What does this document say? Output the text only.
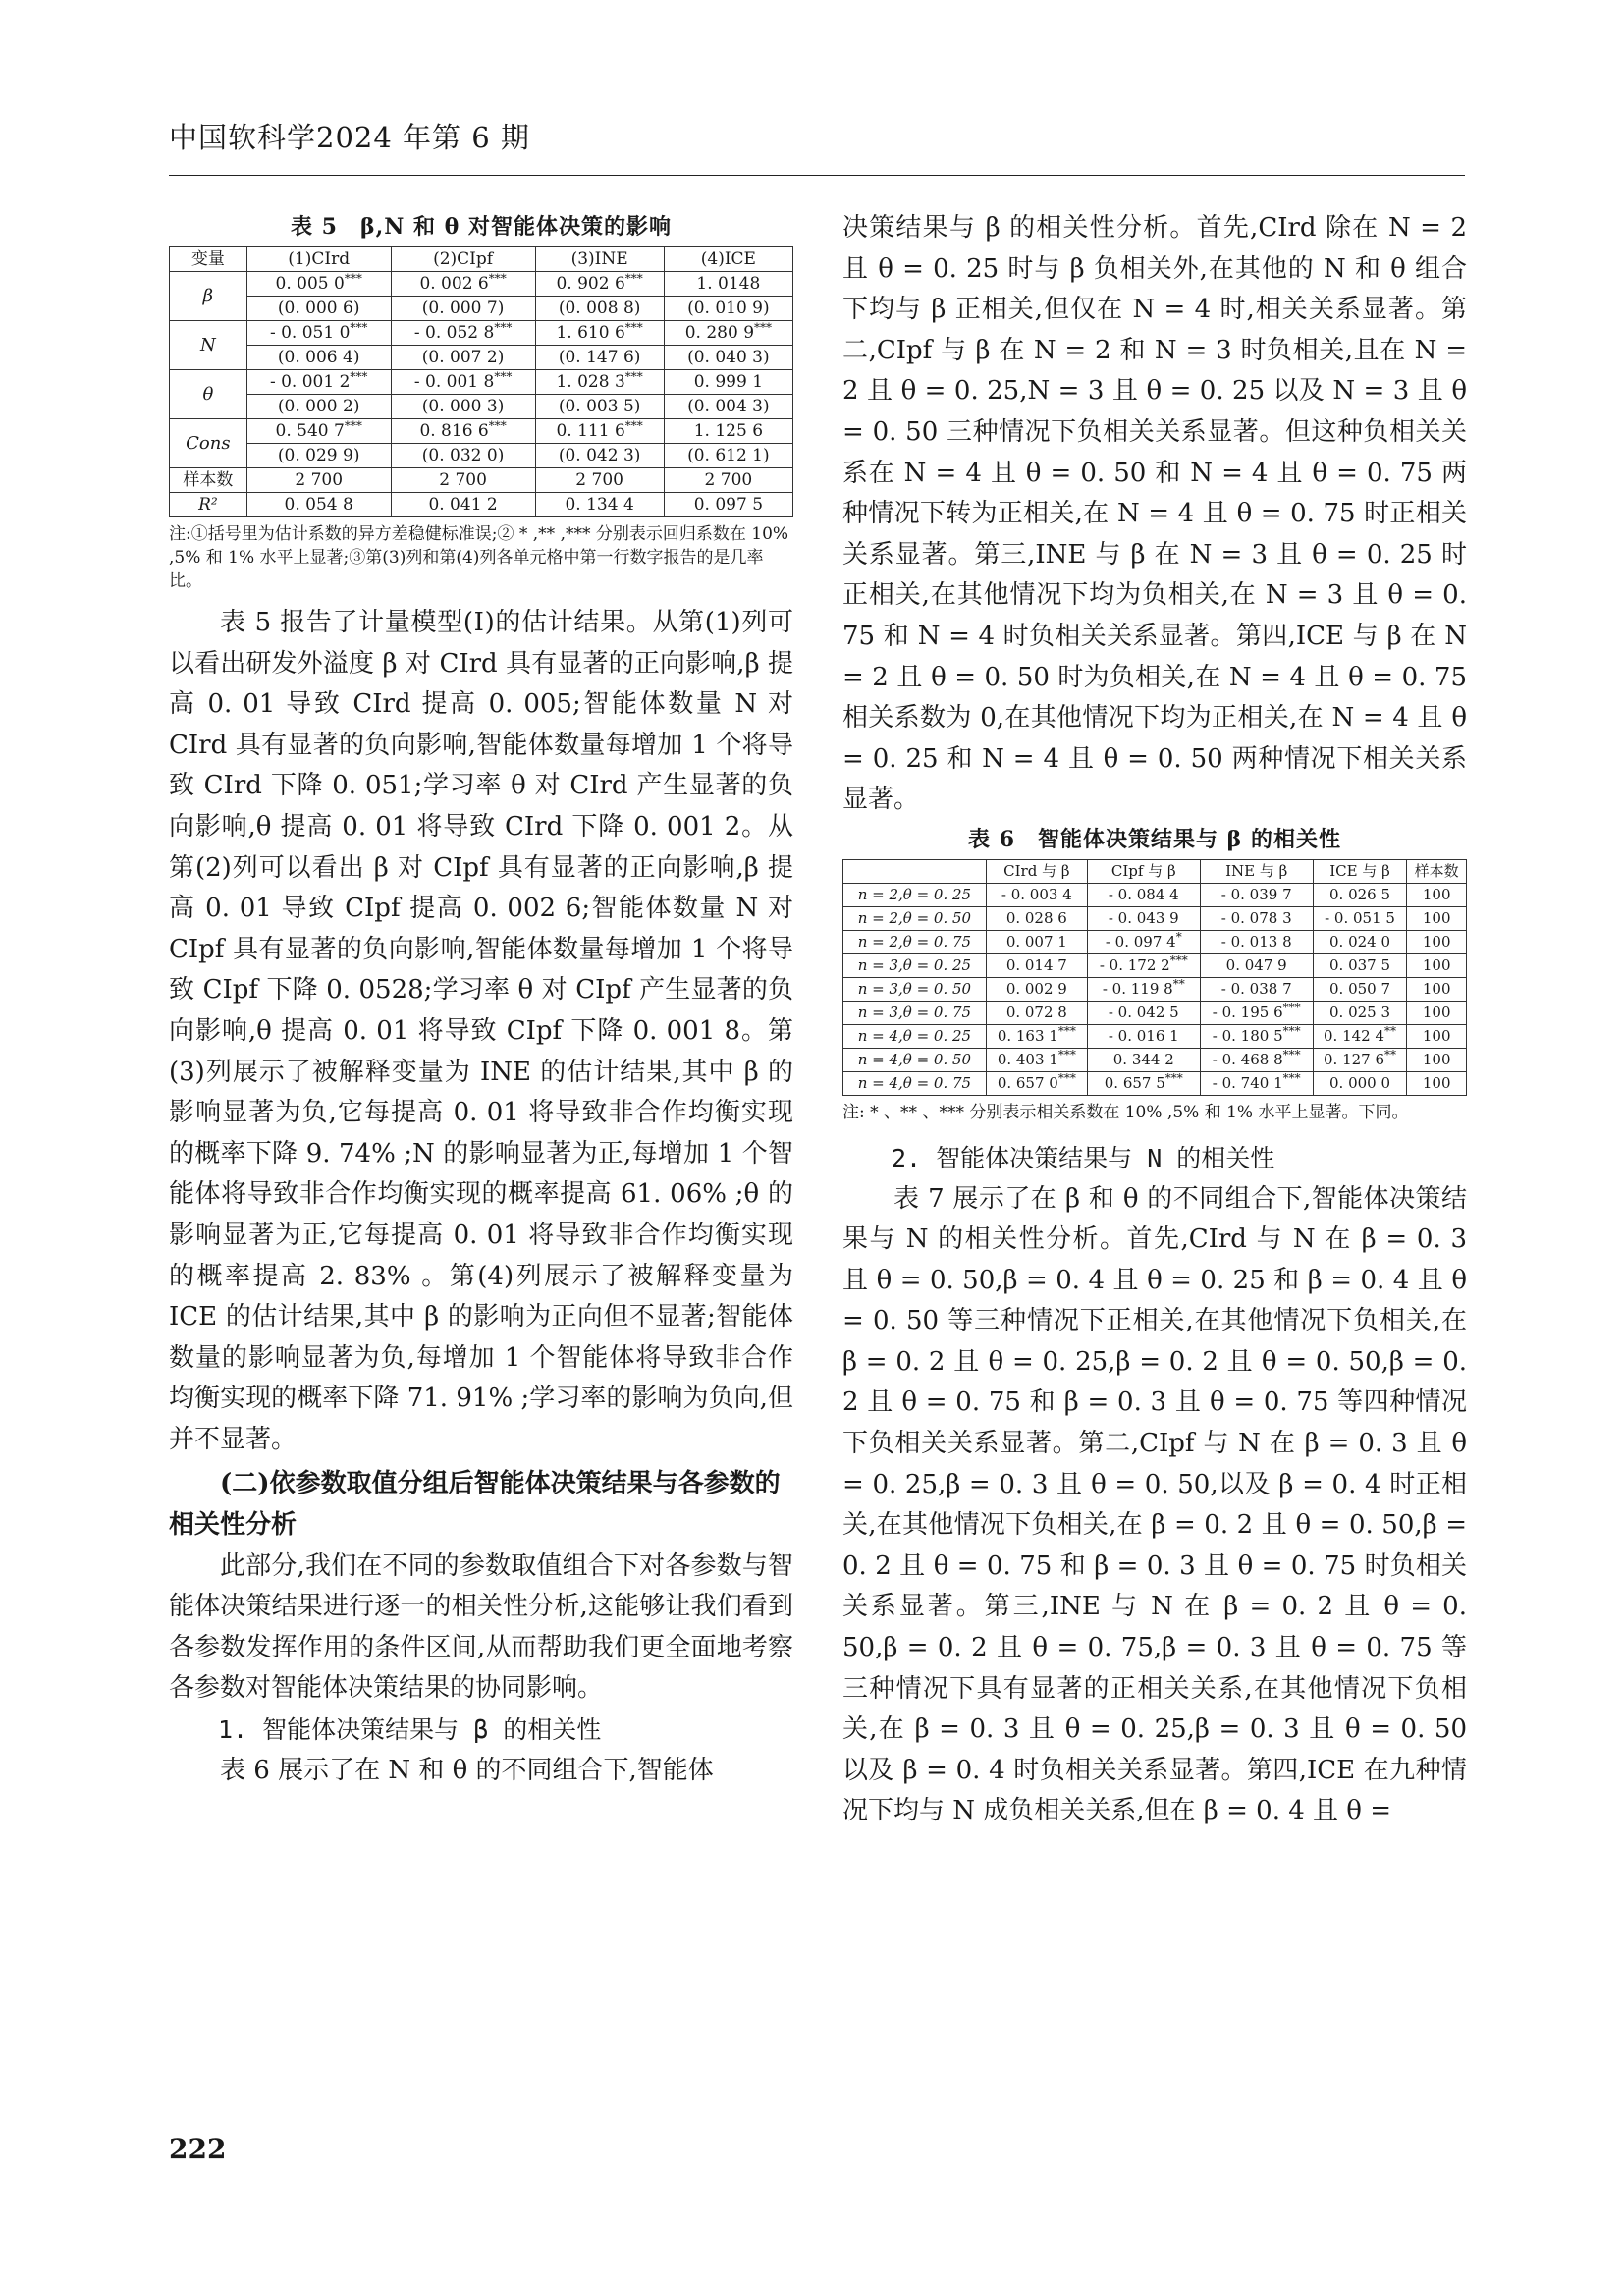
中国软科学2024 年第 6 期
表 5　β,N 和 θ 对智能体决策的影响
变量	(1)CIrd	(2)CIpf	(3)INE	(4)ICE
β	0. 005 0***	0. 002 6***	0. 902 6***	1. 0148
	(0. 000 6)	(0. 000 7)	(0. 008 8)	(0. 010 9)
N	- 0. 051 0***	- 0. 052 8***	1. 610 6***	0. 280 9***
	(0. 006 4)	(0. 007 2)	(0. 147 6)	(0. 040 3)
θ	- 0. 001 2***	- 0. 001 8***	1. 028 3***	0. 999 1
	(0. 000 2)	(0. 000 3)	(0. 003 5)	(0. 004 3)
Cons	0. 540 7***	0. 816 6***	0. 111 6***	1. 125 6
	(0. 029 9)	(0. 032 0)	(0. 042 3)	(0. 612 1)
样本数	2 700	2 700	2 700	2 700
R²	0. 054 8	0. 041 2	0. 134 4	0. 097 5
注:①括号里为估计系数的异方差稳健标准误;② * ,** ,*** 分别表示回归系数在 10% ,5% 和 1% 水平上显著;③第(3)列和第(4)列各单元格中第一行数字报告的是几率比。

表 5 报告了计量模型(Ⅰ)的估计结果。从第(1)列可以看出研发外溢度 β 对 CIrd 具有显著的正向影响,β 提高 0. 01 导致 CIrd 提高 0. 005;智能体数量 N 对 CIrd 具有显著的负向影响,智能体数量每增加 1 个将导致 CIrd 下降 0. 051;学习率 θ 对 CIrd 产生显著的负向影响,θ 提高 0. 01 将导致 CIrd 下降 0. 001 2。从第(2)列可以看出 β 对 CIpf 具有显著的正向影响,β 提高 0. 01 导致 CIpf 提高 0. 002 6;智能体数量 N 对 CIpf 具有显著的负向影响,智能体数量每增加 1 个将导致 CIpf 下降 0. 0528;学习率 θ 对 CIpf 产生显著的负向影响,θ 提高 0. 01 将导致 CIpf 下降 0. 001 8。第(3)列展示了被解释变量为 INE 的估计结果,其中 β 的影响显著为负,它每提高 0. 01 将导致非合作均衡实现的概率下降 9. 74% ;N 的影响显著为正,每增加 1 个智能体将导致非合作均衡实现的概率提高 61. 06% ;θ 的影响显著为正,它每提高 0. 01 将导致非合作均衡实现的概率提高 2. 83% 。第(4)列展示了被解释变量为 ICE 的估计结果,其中 β 的影响为正向但不显著;智能体数量的影响显著为负,每增加 1 个智能体将导致非合作均衡实现的概率下降 71. 91% ;学习率的影响为负向,但并不显著。

(二)依参数取值分组后智能体决策结果与各参数的相关性分析

此部分,我们在不同的参数取值组合下对各参数与智能体决策结果进行逐一的相关性分析,这能够让我们看到各参数发挥作用的条件区间,从而帮助我们更全面地考察各参数对智能体决策结果的协同影响。

1. 智能体决策结果与 β 的相关性

表 6 展示了在 N 和 θ 的不同组合下,智能体

决策结果与 β 的相关性分析。首先,CIrd 除在 N = 2 且 θ = 0. 25 时与 β 负相关外,在其他的 N 和 θ 组合下均与 β 正相关,但仅在 N = 4 时,相关关系显著。第二,CIpf 与 β 在 N = 2 和 N = 3 时负相关,且在 N = 2 且 θ = 0. 25,N = 3 且 θ = 0. 25 以及 N = 3 且 θ = 0. 50 三种情况下负相关关系显著。但这种负相关关系在 N = 4 且 θ = 0. 50 和 N = 4 且 θ = 0. 75 两种情况下转为正相关,在 N = 4 且 θ = 0. 75 时正相关关系显著。第三,INE 与 β 在 N = 3 且 θ = 0. 25 时正相关,在其他情况下均为负相关,在 N = 3 且 θ = 0. 75 和 N = 4 时负相关关系显著。第四,ICE 与 β 在 N = 2 且 θ = 0. 50 时为负相关,在 N = 4 且 θ = 0. 75 相关系数为 0,在其他情况下均为正相关,在 N = 4 且 θ = 0. 25 和 N = 4 且 θ = 0. 50 两种情况下相关关系显著。

表 6　智能体决策结果与 β 的相关性
	CIrd 与 β	CIpf 与 β	INE 与 β	ICE 与 β	样本数
n = 2,θ = 0. 25	- 0. 003 4	- 0. 084 4	- 0. 039 7	0. 026 5	100
n = 2,θ = 0. 50	0. 028 6	- 0. 043 9	- 0. 078 3	- 0. 051 5	100
n = 2,θ = 0. 75	0. 007 1	- 0. 097 4*	- 0. 013 8	0. 024 0	100
n = 3,θ = 0. 25	0. 014 7	- 0. 172 2***	0. 047 9	0. 037 5	100
n = 3,θ = 0. 50	0. 002 9	- 0. 119 8**	- 0. 038 7	0. 050 7	100
n = 3,θ = 0. 75	0. 072 8	- 0. 042 5	- 0. 195 6***	0. 025 3	100
n = 4,θ = 0. 25	0. 163 1***	- 0. 016 1	- 0. 180 5***	0. 142 4**	100
n = 4,θ = 0. 50	0. 403 1***	0. 344 2	- 0. 468 8***	0. 127 6**	100
n = 4,θ = 0. 75	0. 657 0***	0. 657 5***	- 0. 740 1***	0. 000 0	100
注: * 、** 、*** 分别表示相关系数在 10% ,5% 和 1% 水平上显著。下同。

2. 智能体决策结果与 N 的相关性

表 7 展示了在 β 和 θ 的不同组合下,智能体决策结果与 N 的相关性分析。首先,CIrd 与 N 在 β = 0. 3 且 θ = 0. 50,β = 0. 4 且 θ = 0. 25 和 β = 0. 4 且 θ = 0. 50 等三种情况下正相关,在其他情况下负相关,在 β = 0. 2 且 θ = 0. 25,β = 0. 2 且 θ = 0. 50,β = 0. 2 且 θ = 0. 75 和 β = 0. 3 且 θ = 0. 75 等四种情况下负相关关系显著。第二,CIpf 与 N 在 β = 0. 3 且 θ = 0. 25,β = 0. 3 且 θ = 0. 50,以及 β = 0. 4 时正相关,在其他情况下负相关,在 β = 0. 2 且 θ = 0. 50,β = 0. 2 且 θ = 0. 75 和 β = 0. 3 且 θ = 0. 75 时负相关关系显著。第三,INE 与 N 在 β = 0. 2 且 θ = 0. 50,β = 0. 2 且 θ = 0. 75,β = 0. 3 且 θ = 0. 75 等三种情况下具有显著的正相关关系,在其他情况下负相关,在 β = 0. 3 且 θ = 0. 25,β = 0. 3 且 θ = 0. 50 以及 β = 0. 4 时负相关关系显著。第四,ICE 在九种情况下均与 N 成负相关关系,但在 β = 0. 4 且 θ =

222
